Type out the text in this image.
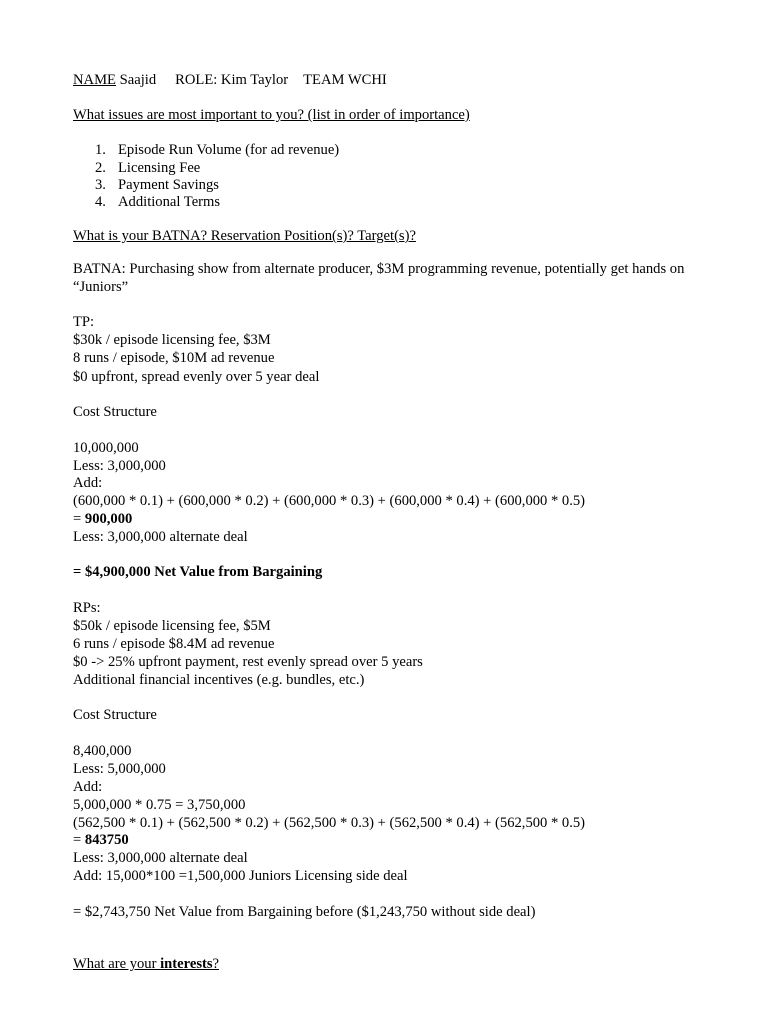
NAME Saajid ROLE: Kim Taylor TEAM WCHI
What issues are most important to you? (list in order of importance)
1. Episode Run Volume (for ad revenue)
2. Licensing Fee
3. Payment Savings
4. Additional Terms
What is your BATNA? Reservation Position(s)? Target(s)?
BATNA: Purchasing show from alternate producer, $3M programming revenue, potentially get hands on
“Juniors”
TP:
$30k / episode licensing fee, $3M
8 runs / episode, $10M ad revenue
$0 upfront, spread evenly over 5 year deal
Cost Structure
10,000,000
Less: 3,000,000
Add:
(600,000 * 0.1) + (600,000 * 0.2) + (600,000 * 0.3) + (600,000 * 0.4) + (600,000 * 0.5)
= 900,000
Less: 3,000,000 alternate deal
= $4,900,000 Net Value from Bargaining
RPs:
$50k / episode licensing fee, $5M
6 runs / episode $8.4M ad revenue
$0 -> 25% upfront payment, rest evenly spread over 5 years
Additional financial incentives (e.g. bundles, etc.)
Cost Structure
8,400,000
Less: 5,000,000
Add:
5,000,000 * 0.75 = 3,750,000
(562,500 * 0.1) + (562,500 * 0.2) + (562,500 * 0.3) + (562,500 * 0.4) + (562,500 * 0.5)
= 843750
Less: 3,000,000 alternate deal
Add: 15,000*100 =1,500,000 Juniors Licensing side deal
= $2,743,750 Net Value from Bargaining before ($1,243,750 without side deal)
What are your interests?
